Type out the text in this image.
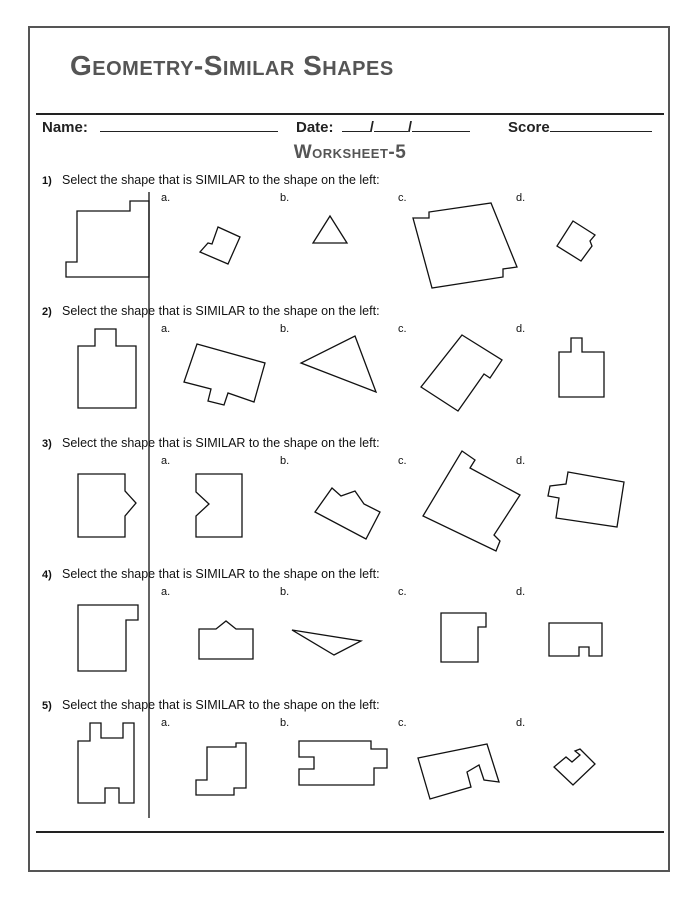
Geometry-Similar Shapes
Name:	Date: / /	Score
Worksheet-5
1) Select the shape that is SIMILAR to the shape on the left:
a.	b.	c.	d.
2) Select the shape that is SIMILAR to the shape on the left:
a.	b.	c.	d.
3) Select the shape that is SIMILAR to the shape on the left:
a.	b.	c.	d.
4) Select the shape that is SIMILAR to the shape on the left:
a.	b.	c.	d.
5) Select the shape that is SIMILAR to the shape on the left:
a.	b.	c.	d.
